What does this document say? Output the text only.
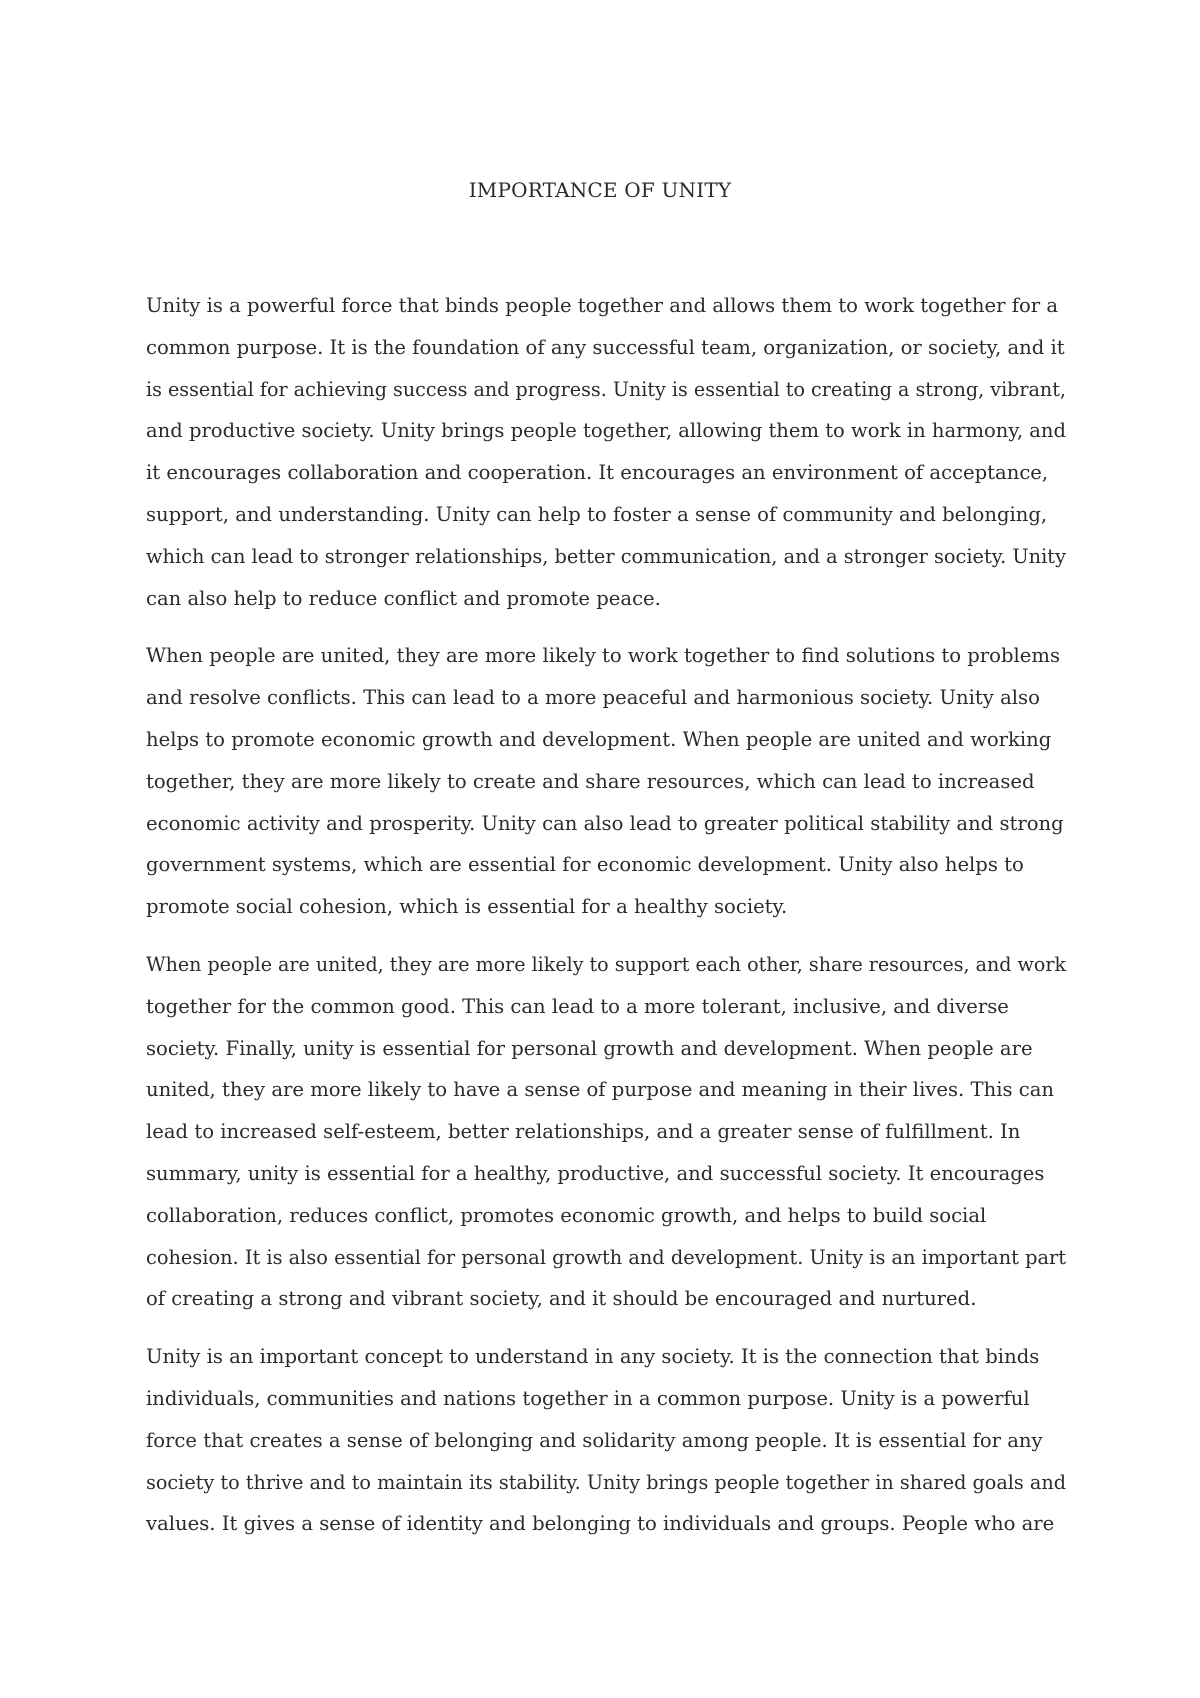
IMPORTANCE OF UNITY

Unity is a powerful force that binds people together and allows them to work together for a
common purpose. It is the foundation of any successful team, organization, or society, and it
is essential for achieving success and progress. Unity is essential to creating a strong, vibrant,
and productive society. Unity brings people together, allowing them to work in harmony, and
it encourages collaboration and cooperation. It encourages an environment of acceptance,
support, and understanding. Unity can help to foster a sense of community and belonging,
which can lead to stronger relationships, better communication, and a stronger society. Unity
can also help to reduce conflict and promote peace.

When people are united, they are more likely to work together to find solutions to problems
and resolve conflicts. This can lead to a more peaceful and harmonious society. Unity also
helps to promote economic growth and development. When people are united and working
together, they are more likely to create and share resources, which can lead to increased
economic activity and prosperity. Unity can also lead to greater political stability and strong
government systems, which are essential for economic development. Unity also helps to
promote social cohesion, which is essential for a healthy society.

When people are united, they are more likely to support each other, share resources, and work
together for the common good. This can lead to a more tolerant, inclusive, and diverse
society. Finally, unity is essential for personal growth and development. When people are
united, they are more likely to have a sense of purpose and meaning in their lives. This can
lead to increased self-esteem, better relationships, and a greater sense of fulfillment. In
summary, unity is essential for a healthy, productive, and successful society. It encourages
collaboration, reduces conflict, promotes economic growth, and helps to build social
cohesion. It is also essential for personal growth and development. Unity is an important part
of creating a strong and vibrant society, and it should be encouraged and nurtured.

Unity is an important concept to understand in any society. It is the connection that binds
individuals, communities and nations together in a common purpose. Unity is a powerful
force that creates a sense of belonging and solidarity among people. It is essential for any
society to thrive and to maintain its stability. Unity brings people together in shared goals and
values. It gives a sense of identity and belonging to individuals and groups. People who are
